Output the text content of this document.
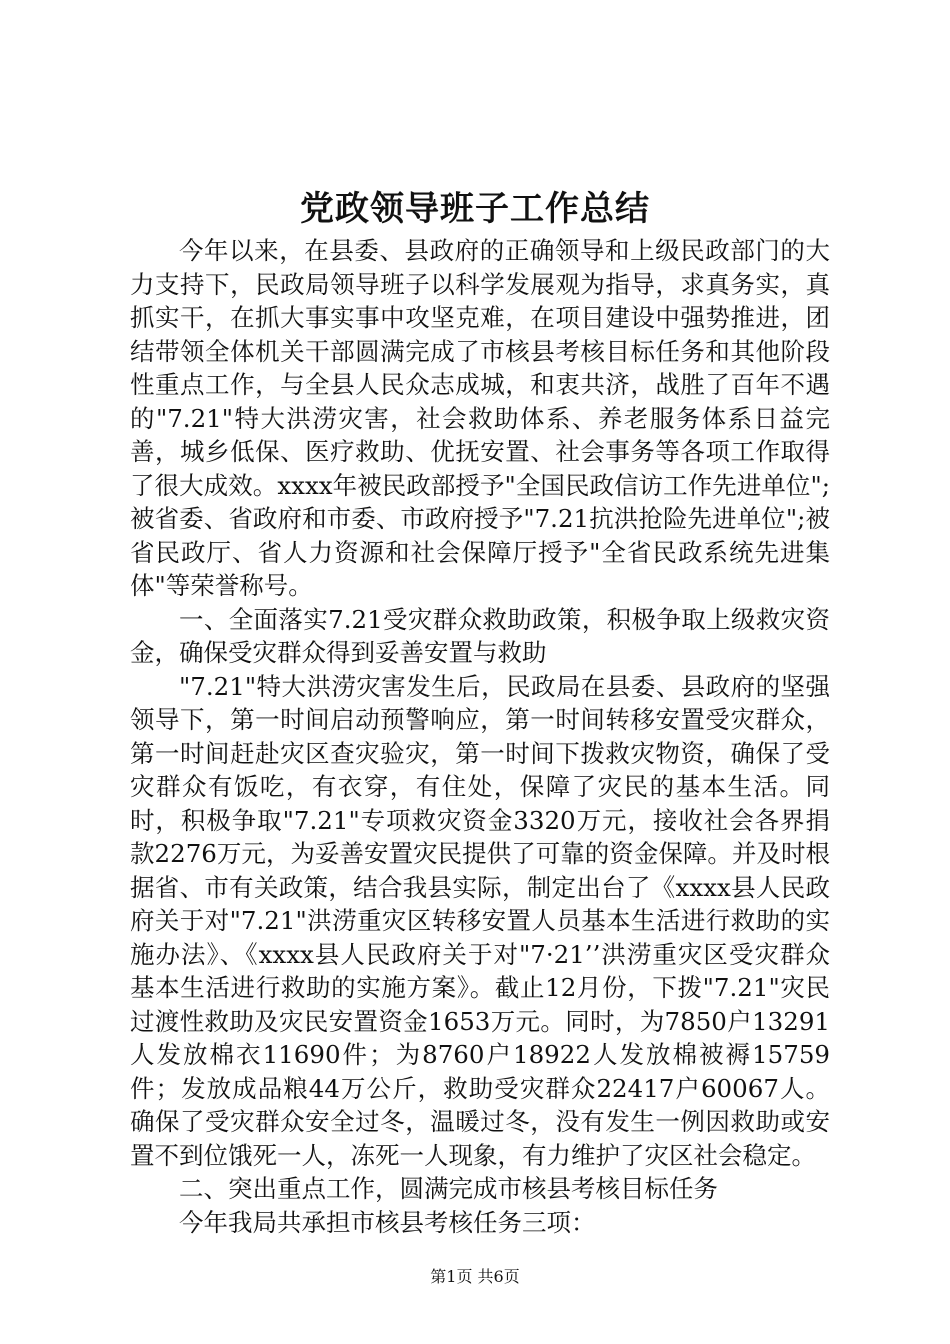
党政领导班子工作总结

今年以来，在县委、县政府的正确领导和上级民政部门的大力支持下，民政局领导班子以科学发展观为指导，求真务实，真抓实干，在抓大事实事中攻坚克难，在项目建设中强势推进，团结带领全体机关干部圆满完成了市核县考核目标任务和其他阶段性重点工作，与全县人民众志成城，和衷共济，战胜了百年不遇的"7.21"特大洪涝灾害，社会救助体系、养老服务体系日益完善，城乡低保、医疗救助、优抚安置、社会事务等各项工作取得了很大成效。xxxx年被民政部授予"全国民政信访工作先进单位";被省委、省政府和市委、市政府授予"7.21抗洪抢险先进单位";被省民政厅、省人力资源和社会保障厅授予"全省民政系统先进集体"等荣誉称号。

一、全面落实7.21受灾群众救助政策，积极争取上级救灾资金，确保受灾群众得到妥善安置与救助

"7.21"特大洪涝灾害发生后，民政局在县委、县政府的坚强领导下，第一时间启动预警响应，第一时间转移安置受灾群众，第一时间赶赴灾区查灾验灾，第一时间下拨救灾物资，确保了受灾群众有饭吃，有衣穿，有住处，保障了灾民的基本生活。同时，积极争取"7.21"专项救灾资金3320万元，接收社会各界捐款2276万元，为妥善安置灾民提供了可靠的资金保障。并及时根据省、市有关政策，结合我县实际，制定出台了《xxxx县人民政府关于对"7.21"洪涝重灾区转移安置人员基本生活进行救助的实施办法》、《xxxx县人民政府关于对"7·21’’洪涝重灾区受灾群众基本生活进行救助的实施方案》。截止12月份，下拨"7.21"灾民过渡性救助及灾民安置资金1653万元。同时，为7850户13291人发放棉衣11690件；为8760户18922人发放棉被褥15759件；发放成品粮44万公斤，救助受灾群众22417户60067人。确保了受灾群众安全过冬，温暖过冬，没有发生一例因救助或安置不到位饿死一人，冻死一人现象，有力维护了灾区社会稳定。

二、突出重点工作，圆满完成市核县考核目标任务

今年我局共承担市核县考核任务三项：

第1页 共6页
